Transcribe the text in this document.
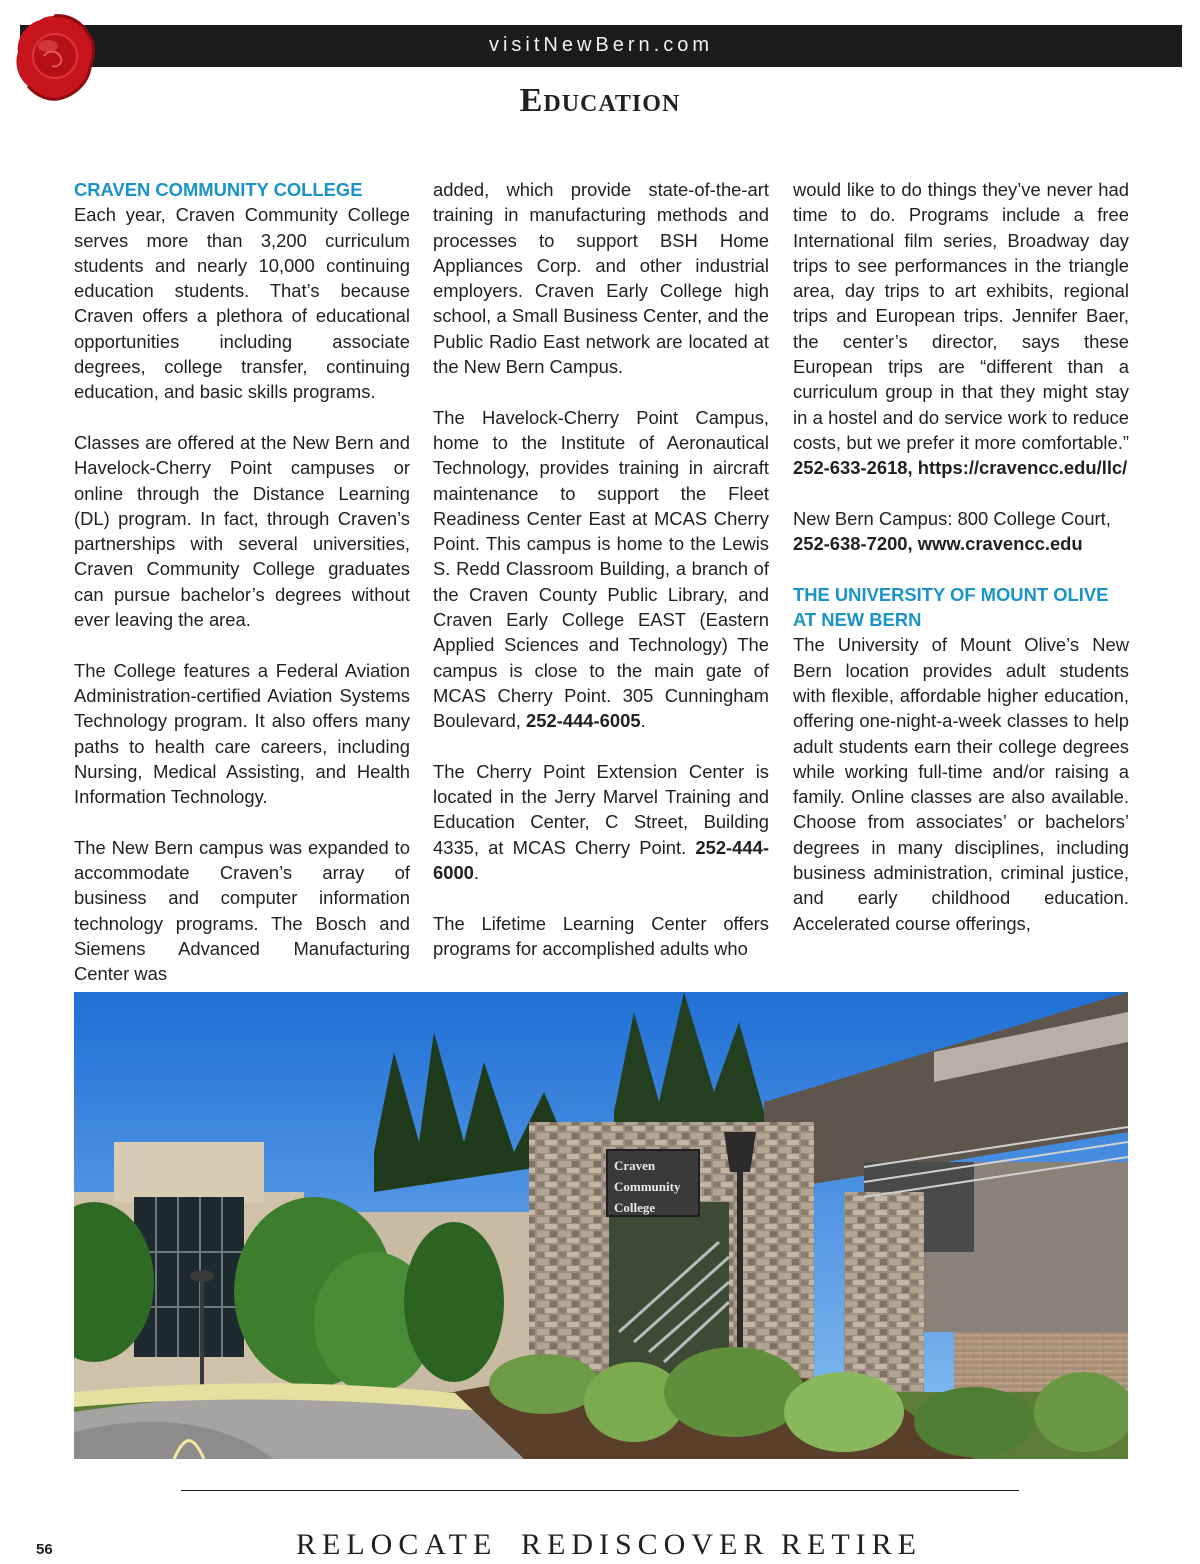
visitNewBern.com
Education
CRAVEN COMMUNITY COLLEGE

Each year, Craven Community College serves more than 3,200 curriculum students and nearly 10,000 continuing education students. That’s because Craven offers a plethora of educational opportunities including associate degrees, college transfer, continuing education, and basic skills programs.

Classes are offered at the New Bern and Havelock-Cherry Point campuses or online through the Distance Learning (DL) program. In fact, through Craven’s partnerships with several universities, Craven Community College graduates can pursue bachelor’s degrees without ever leaving the area.

The College features a Federal Aviation Administration-certified Aviation Systems Technology program. It also offers many paths to health care careers, including Nursing, Medical Assisting, and Health Information Technology.

The New Bern campus was expanded to accommodate Craven’s array of business and computer information technology programs. The Bosch and Siemens Advanced Manufacturing Center was

added, which provide state-of-the-art training in manufacturing methods and processes to support BSH Home Appliances Corp. and other industrial employers. Craven Early College high school, a Small Business Center, and the Public Radio East network are located at the New Bern Campus.

The Havelock-Cherry Point Campus, home to the Institute of Aeronautical Technology, provides training in aircraft maintenance to support the Fleet Readiness Center East at MCAS Cherry Point. This campus is home to the Lewis S. Redd Classroom Building, a branch of the Craven County Public Library, and Craven Early College EAST (Eastern Applied Sciences and Technology) The campus is close to the main gate of MCAS Cherry Point. 305 Cunningham Boulevard, 252-444-6005.

The Cherry Point Extension Center is located in the Jerry Marvel Training and Education Center, C Street, Building 4335, at MCAS Cherry Point. 252-444-6000.

The Lifetime Learning Center offers programs for accomplished adults who

would like to do things they’ve never had time to do. Programs include a free International film series, Broadway day trips to see performances in the triangle area, day trips to art exhibits, regional trips and European trips. Jennifer Baer, the center’s director, says these European trips are “different than a curriculum group in that they might stay in a hostel and do service work to reduce costs, but we prefer it more comfortable.” 252-633-2618, https://cravencc.edu/llc/

New Bern Campus: 800 College Court,
252-638-7200, www.cravencc.edu

THE UNIVERSITY OF MOUNT OLIVE AT NEW BERN

The University of Mount Olive’s New Bern location provides adult students with flexible, affordable higher education, offering one-night-a-week classes to help adult students earn their college degrees while working full-time and/or raising a family. Online classes are also available. Choose from associates’ or bachelors’ degrees in many disciplines, including business administration, criminal justice, and early childhood education. Accelerated course offerings,

Craven
Community
College
56	RELOCATE REDISCOVER RETIRE
